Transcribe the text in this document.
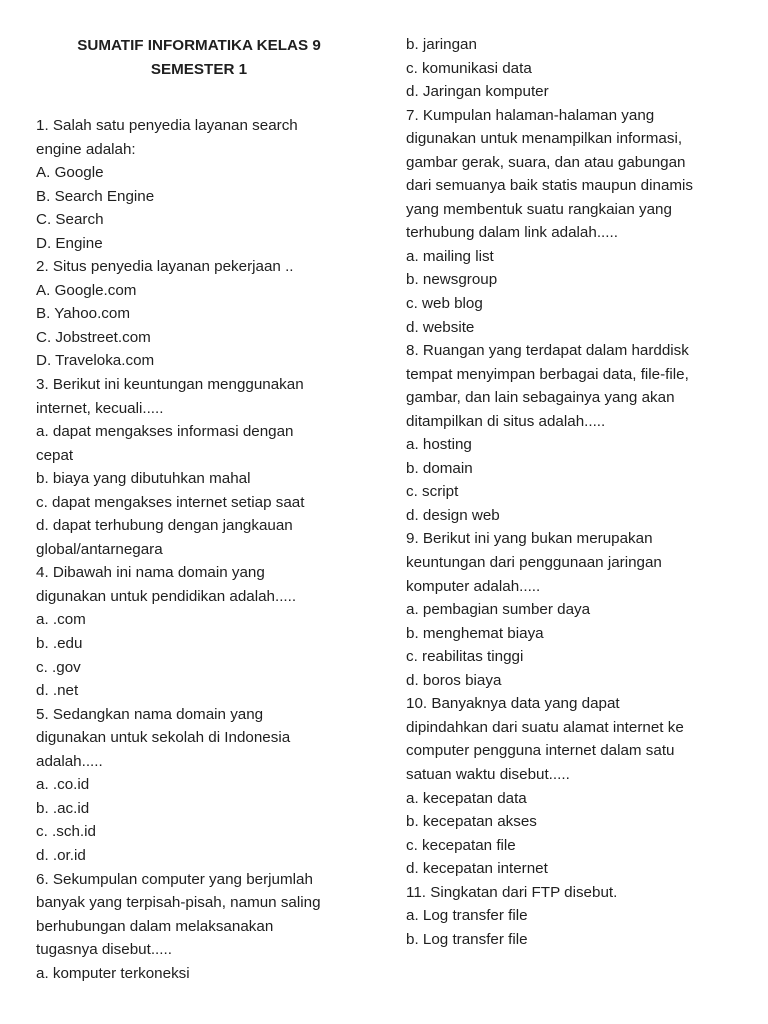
SUMATIF INFORMATIKA KELAS 9
SEMESTER 1
1. Salah satu penyedia layanan search
engine adalah:
A. Google
B. Search Engine
C. Search
D. Engine
2. Situs penyedia layanan pekerjaan ..
A. Google.com
B. Yahoo.com
C. Jobstreet.com
D. Traveloka.com
3. Berikut ini keuntungan menggunakan
internet, kecuali.....
a. dapat mengakses informasi dengan
cepat
b. biaya yang dibutuhkan mahal
c. dapat mengakses internet setiap saat
d. dapat terhubung dengan jangkauan
global/antarnegara
4. Dibawah ini nama domain yang
digunakan untuk pendidikan adalah.....
a. .com
b. .edu
c. .gov
d. .net
5. Sedangkan nama domain yang
digunakan untuk sekolah di Indonesia
adalah.....
a. .co.id
b. .ac.id
c. .sch.id
d. .or.id
6. Sekumpulan computer yang berjumlah
banyak yang terpisah-pisah, namun saling
berhubungan dalam melaksanakan
tugasnya disebut.....
a. komputer terkoneksi
b. jaringan
c. komunikasi data
d. Jaringan komputer
7. Kumpulan halaman-halaman yang
digunakan untuk menampilkan informasi,
gambar gerak, suara, dan atau gabungan
dari semuanya baik statis maupun dinamis
yang membentuk suatu rangkaian yang
terhubung dalam link adalah.....
a. mailing list
b. newsgroup
c. web blog
d. website
8. Ruangan yang terdapat dalam harddisk
tempat menyimpan berbagai data, file-file,
gambar, dan lain sebagainya yang akan
ditampilkan di situs adalah.....
a. hosting
b. domain
c. script
d. design web
9. Berikut ini yang bukan merupakan
keuntungan dari penggunaan jaringan
komputer adalah.....
a. pembagian sumber daya
b. menghemat biaya
c. reabilitas tinggi
d. boros biaya
10. Banyaknya data yang dapat
dipindahkan dari suatu alamat internet ke
computer pengguna internet dalam satu
satuan waktu disebut.....
a. kecepatan data
b. kecepatan akses
c. kecepatan file
d. kecepatan internet
11. Singkatan dari FTP disebut.
a. Log transfer file
b. Log transfer file
